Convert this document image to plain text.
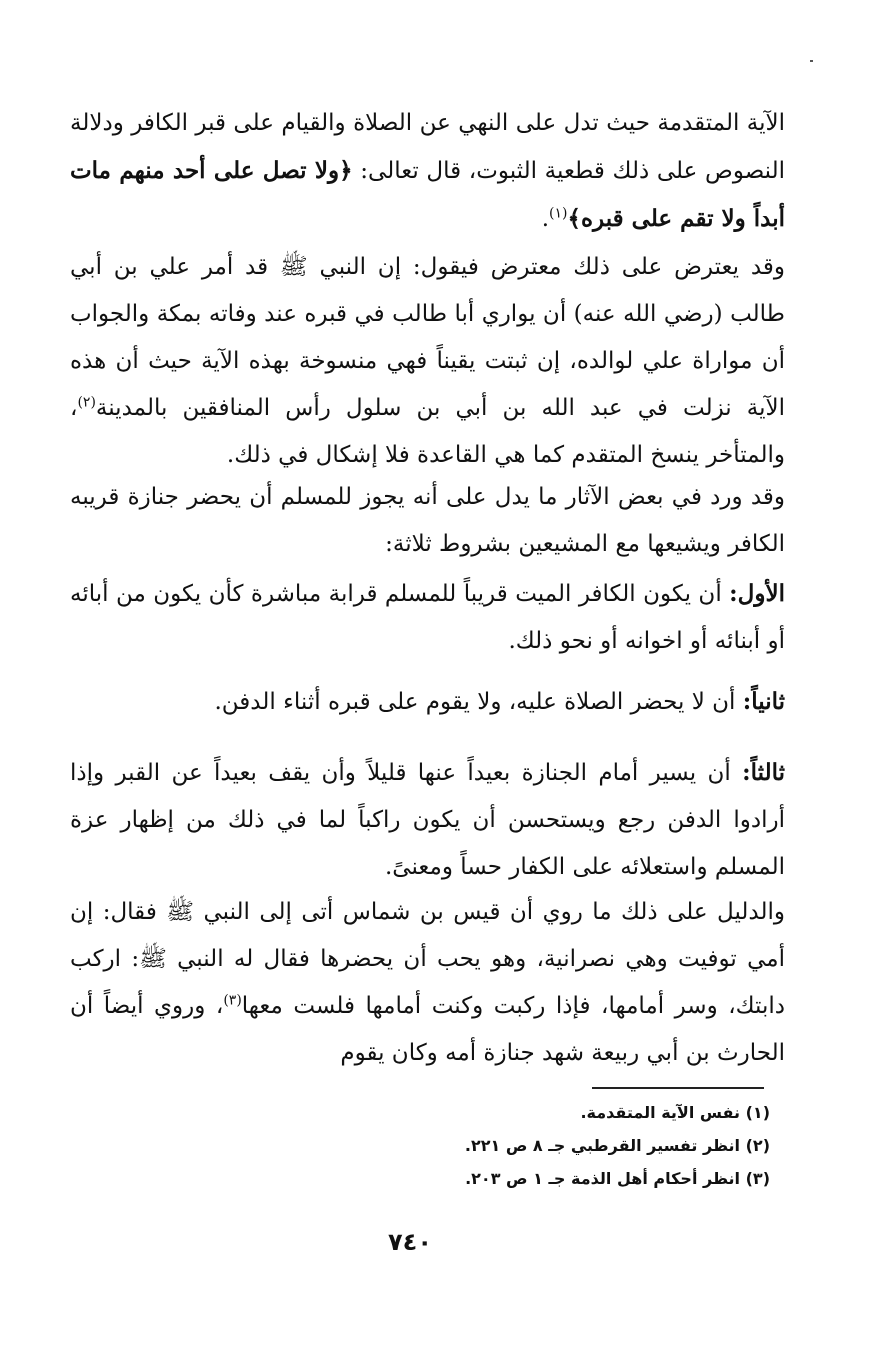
الآية المتقدمة حيث تدل على النهي عن الصلاة والقيام على قبر الكافر ودلالة النصوص على ذلك قطعية الثبوت، قال تعالى: ﴿ولا تصل على أحد منهم مات أبداً ولا تقم على قبره﴾$^{(١)}$.

وقد يعترض على ذلك معترض فيقول: إن النبي ﷺ قد أمر علي بن أبي طالب (رضي الله عنه) أن يواري أبا طالب في قبره عند وفاته بمكة والجواب أن مواراة علي لوالده، إن ثبتت يقيناً فهي منسوخة بهذه الآية حيث أن هذه الآية نزلت في عبد الله بن أبي بن سلول رأس المنافقين بالمدينة$^{(٢)}$، والمتأخر ينسخ المتقدم كما هي القاعدة فلا إشكال في ذلك.

وقد ورد في بعض الآثار ما يدل على أنه يجوز للمسلم أن يحضر جنازة قريبه الكافر ويشيعها مع المشيعين بشروط ثلاثة:

الأول: أن يكون الكافر الميت قريباً للمسلم قرابة مباشرة كأن يكون من أبائه أو أبنائه أو اخوانه أو نحو ذلك.

ثانياً: أن لا يحضر الصلاة عليه، ولا يقوم على قبره أثناء الدفن.

ثالثاً: أن يسير أمام الجنازة بعيداً عنها قليلاً وأن يقف بعيداً عن القبر وإذا أرادوا الدفن رجع ويستحسن أن يكون راكباً لما في ذلك من إظهار عزة المسلم واستعلائه على الكفار حساً ومعنىً.

والدليل على ذلك ما روي أن قيس بن شماس أتى إلى النبي ﷺ فقال: إن أمي توفيت وهي نصرانية، وهو يحب أن يحضرها فقال له النبي ﷺ: اركب دابتك، وسر أمامها، فإذا ركبت وكنت أمامها فلست معها$^{(٣)}$، وروي أيضاً أن الحارث بن أبي ربيعة شهد جنازة أمه وكان يقوم

(١) نفس الآية المتقدمة.

(٢) انظر تفسير القرطبي جـ ٨ ص ٢٢١.

(٣) انظر أحكام أهل الذمة جـ ١ ص ٢٠٣.

٧٤٠
